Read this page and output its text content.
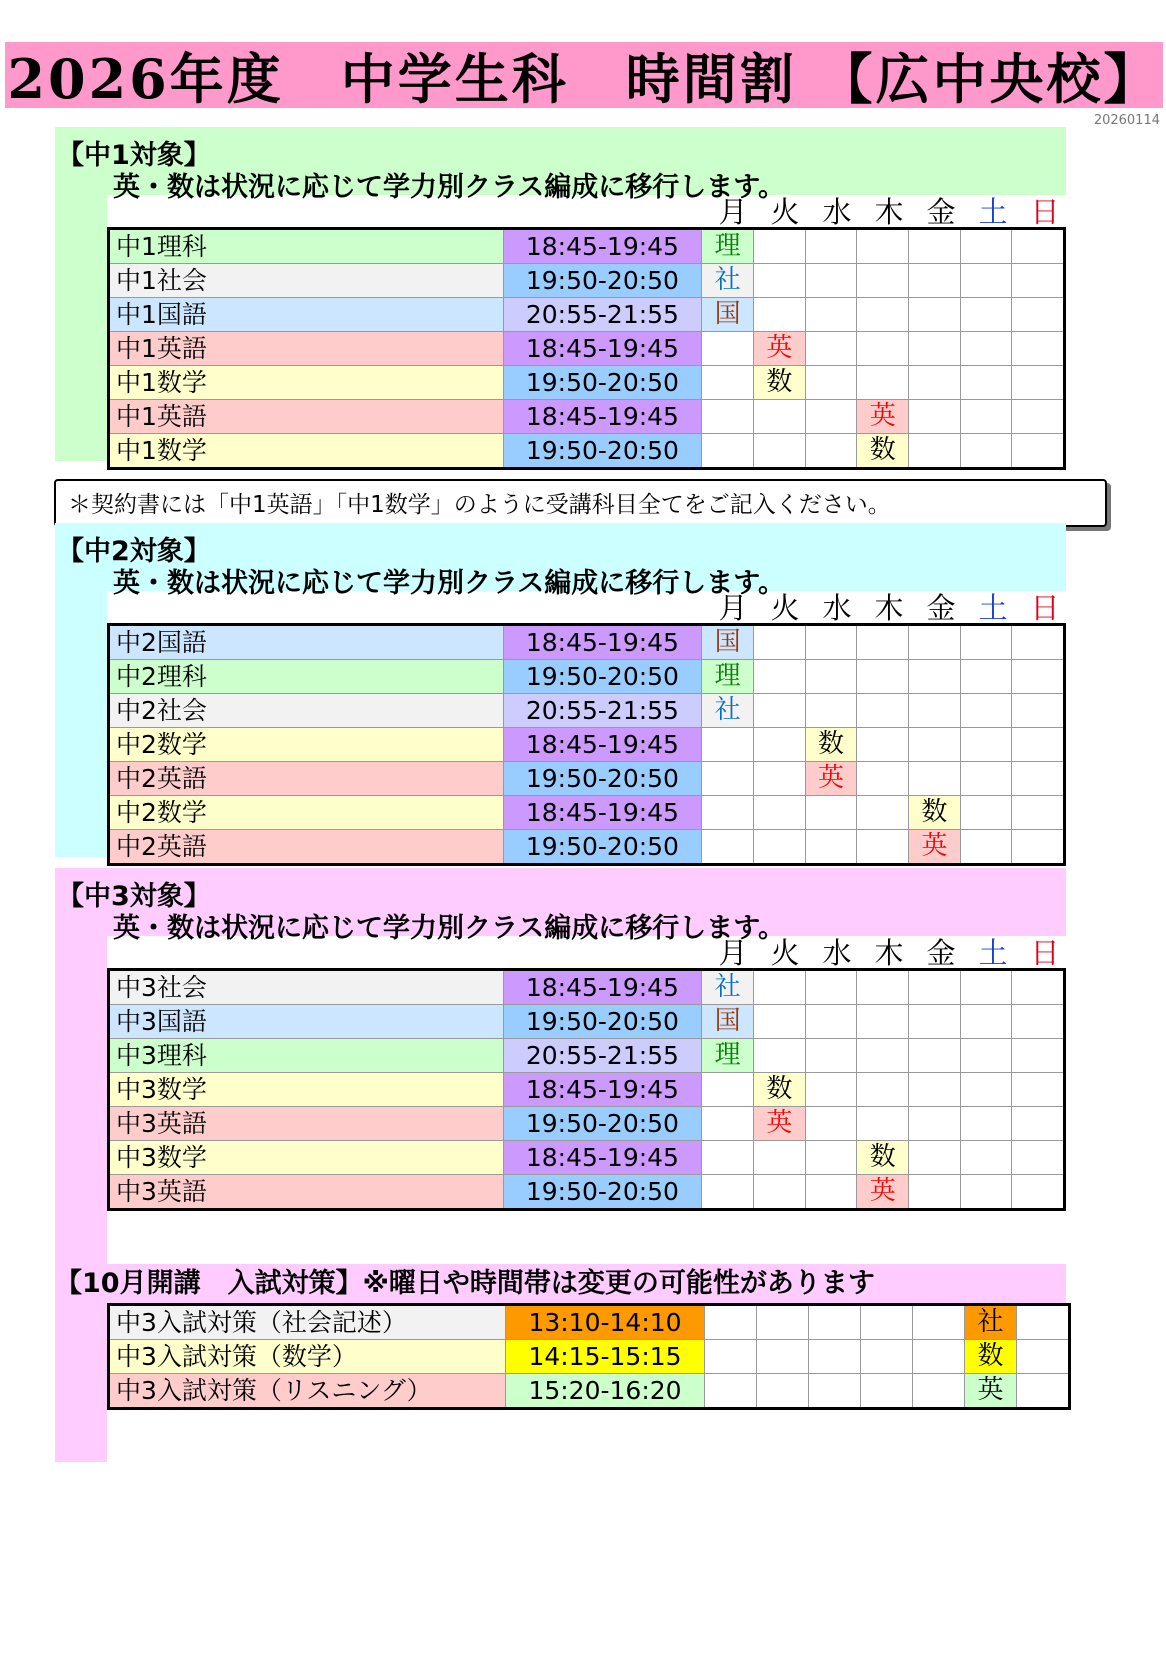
2026年度　中学生科　時間割 【広中央校】
20260114
【中1対象】
英・数は状況に応じて学力別クラス編成に移行します。
月 火 水 木 金 土 日
中1理科	18:45-19:45	理						
中1社会	19:50-20:50	社						
中1国語	20:55-21:55	国						
中1英語	18:45-19:45		英					
中1数学	19:50-20:50		数					
中1英語	18:45-19:45				英			
中1数学	19:50-20:50				数			
＊契約書には「中1英語」「中1数学」のように受講科目全てをご記入ください。
【中2対象】
英・数は状況に応じて学力別クラス編成に移行します。
月 火 水 木 金 土 日
中2国語	18:45-19:45	国						
中2理科	19:50-20:50	理						
中2社会	20:55-21:55	社						
中2数学	18:45-19:45			数				
中2英語	19:50-20:50			英				
中2数学	18:45-19:45					数		
中2英語	19:50-20:50					英		
【中3対象】
英・数は状況に応じて学力別クラス編成に移行します。
月 火 水 木 金 土 日
中3社会	18:45-19:45	社						
中3国語	19:50-20:50	国						
中3理科	20:55-21:55	理						
中3数学	18:45-19:45		数					
中3英語	19:50-20:50		英					
中3数学	18:45-19:45				数			
中3英語	19:50-20:50				英			
【10月開講　入試対策】※曜日や時間帯は変更の可能性があります
中3入試対策（社会記述）	13:10-14:10						社	
中3入試対策（数学）	14:15-15:15						数	
中3入試対策（リスニング）	15:20-16:20						英	
